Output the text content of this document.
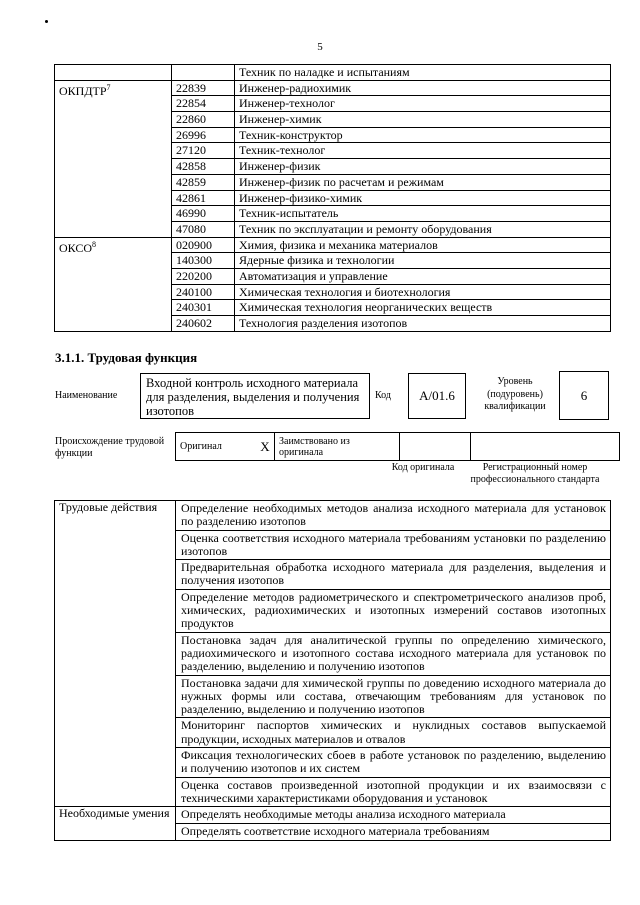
5
		Техник по наладке и испытаниям
ОКПДТР$^7$	22839	Инженер-радиохимик
	22854	Инженер-технолог
	22860	Инженер-химик
	26996	Техник-конструктор
	27120	Техник-технолог
	42858	Инженер-физик
	42859	Инженер-физик по расчетам и режимам
	42861	Инженер-физико-химик
	46990	Техник-испытатель
	47080	Техник по эксплуатации и ремонту оборудования
ОКСО$^8$	020900	Химия, физика и механика материалов
	140300	Ядерные физика и технологии
	220200	Автоматизация и управление
	240100	Химическая технология и биотехнология
	240301	Химическая технология неорганических веществ
	240602	Технология разделения изотопов
3.1.1. Трудовая функция
Наименование
Входной контроль исходного материала для разделения, выделения и получения изотопов
Код	А/01.6
Уровень (подуровень) квалификации
6
Происхождение трудовой функции
Оригинал	X	Заимствовано из оригинала		
Код оригинала	Регистрационный номер профессионального стандарта
Трудовые действия	Определение необходимых методов анализа исходного материала для установок по разделению изотопов
	Оценка соответствия исходного материала требованиям установки по разделению изотопов
	Предварительная обработка исходного материала для разделения, выделения и получения изотопов
	Определение методов радиометрического и спектрометрического анализов проб, химических, радиохимических и изотопных измерений составов изотопных продуктов
	Постановка задач для аналитической группы по определению химического, радиохимического и изотопного состава исходного материала для установок по разделению, выделению и получению изотопов
	Постановка задачи для химической группы по доведению исходного материала до нужных формы или состава, отвечающим требованиям для установок по разделению, выделению и получению изотопов
	Мониторинг паспортов химических и нуклидных составов выпускаемой продукции, исходных материалов и отвалов
	Фиксация технологических сбоев в работе установок по разделению, выделению и получению изотопов и их систем
	Оценка составов произведенной изотопной продукции и их взаимосвязи с техническими характеристиками оборудования и установок
Необходимые умения	Определять необходимые методы анализа исходного материала
	Определять соответствие исходного материала требованиям
